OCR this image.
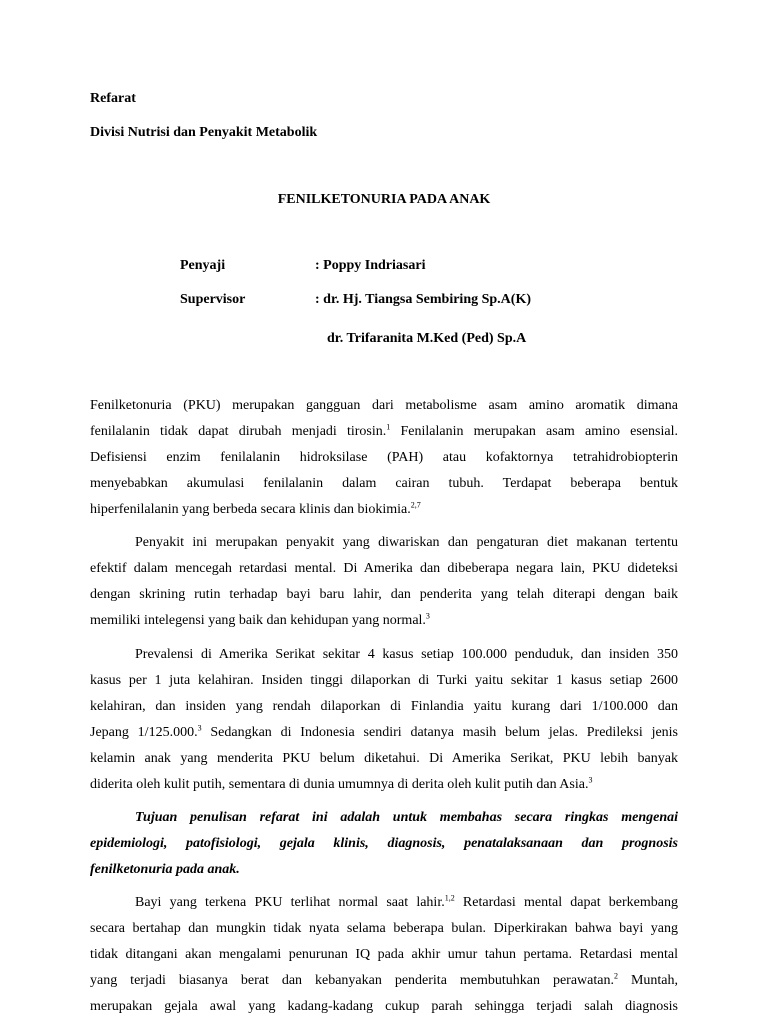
Refarat
Divisi Nutrisi dan Penyakit Metabolik
FENILKETONURIA PADA ANAK
Penyaji	: Poppy Indriasari
Supervisor	: dr. Hj. Tiangsa Sembiring Sp.A(K)
dr. Trifaranita M.Ked (Ped) Sp.A
Fenilketonuria (PKU) merupakan gangguan dari metabolisme asam amino aromatik dimana
fenilalanin tidak dapat dirubah menjadi tirosin.$^1$ Fenilalanin merupakan asam amino esensial.
Defisiensi enzim fenilalanin hidroksilase (PAH) atau kofaktornya tetrahidrobiopterin
menyebabkan akumulasi fenilalanin dalam cairan tubuh. Terdapat beberapa bentuk
hiperfenilalanin yang berbeda secara klinis dan biokimia.$^{2,7}$
Penyakit ini merupakan penyakit yang diwariskan dan pengaturan diet makanan tertentu
efektif dalam mencegah retardasi mental. Di Amerika dan dibeberapa negara lain, PKU dideteksi
dengan skrining rutin terhadap bayi baru lahir, dan penderita yang telah diterapi dengan baik
memiliki intelegensi yang baik dan kehidupan yang normal.$^3$
Prevalensi di Amerika Serikat sekitar 4 kasus setiap 100.000 penduduk, dan insiden 350
kasus per 1 juta kelahiran. Insiden tinggi dilaporkan di Turki yaitu sekitar 1 kasus setiap 2600
kelahiran, dan insiden yang rendah dilaporkan di Finlandia yaitu kurang dari 1/100.000 dan
Jepang 1/125.000.$^3$ Sedangkan di Indonesia sendiri datanya masih belum jelas. Predileksi jenis
kelamin anak yang menderita PKU belum diketahui. Di Amerika Serikat, PKU lebih banyak
diderita oleh kulit putih, sementara di dunia umumnya di derita oleh kulit putih dan Asia.$^3$
Tujuan penulisan refarat ini adalah untuk membahas secara ringkas mengenai
epidemiologi, patofisiologi, gejala klinis, diagnosis, penatalaksanaan dan prognosis
fenilketonuria pada anak.
Bayi yang terkena PKU terlihat normal saat lahir.$^{1,2}$ Retardasi mental dapat berkembang
secara bertahap dan mungkin tidak nyata selama beberapa bulan. Diperkirakan bahwa bayi yang
tidak ditangani akan mengalami penurunan IQ pada akhir umur tahun pertama. Retardasi mental
yang terjadi biasanya berat dan kebanyakan penderita membutuhkan perawatan.$^2$ Muntah,
merupakan gejala awal yang kadang-kadang cukup parah sehingga terjadi salah diagnosis
